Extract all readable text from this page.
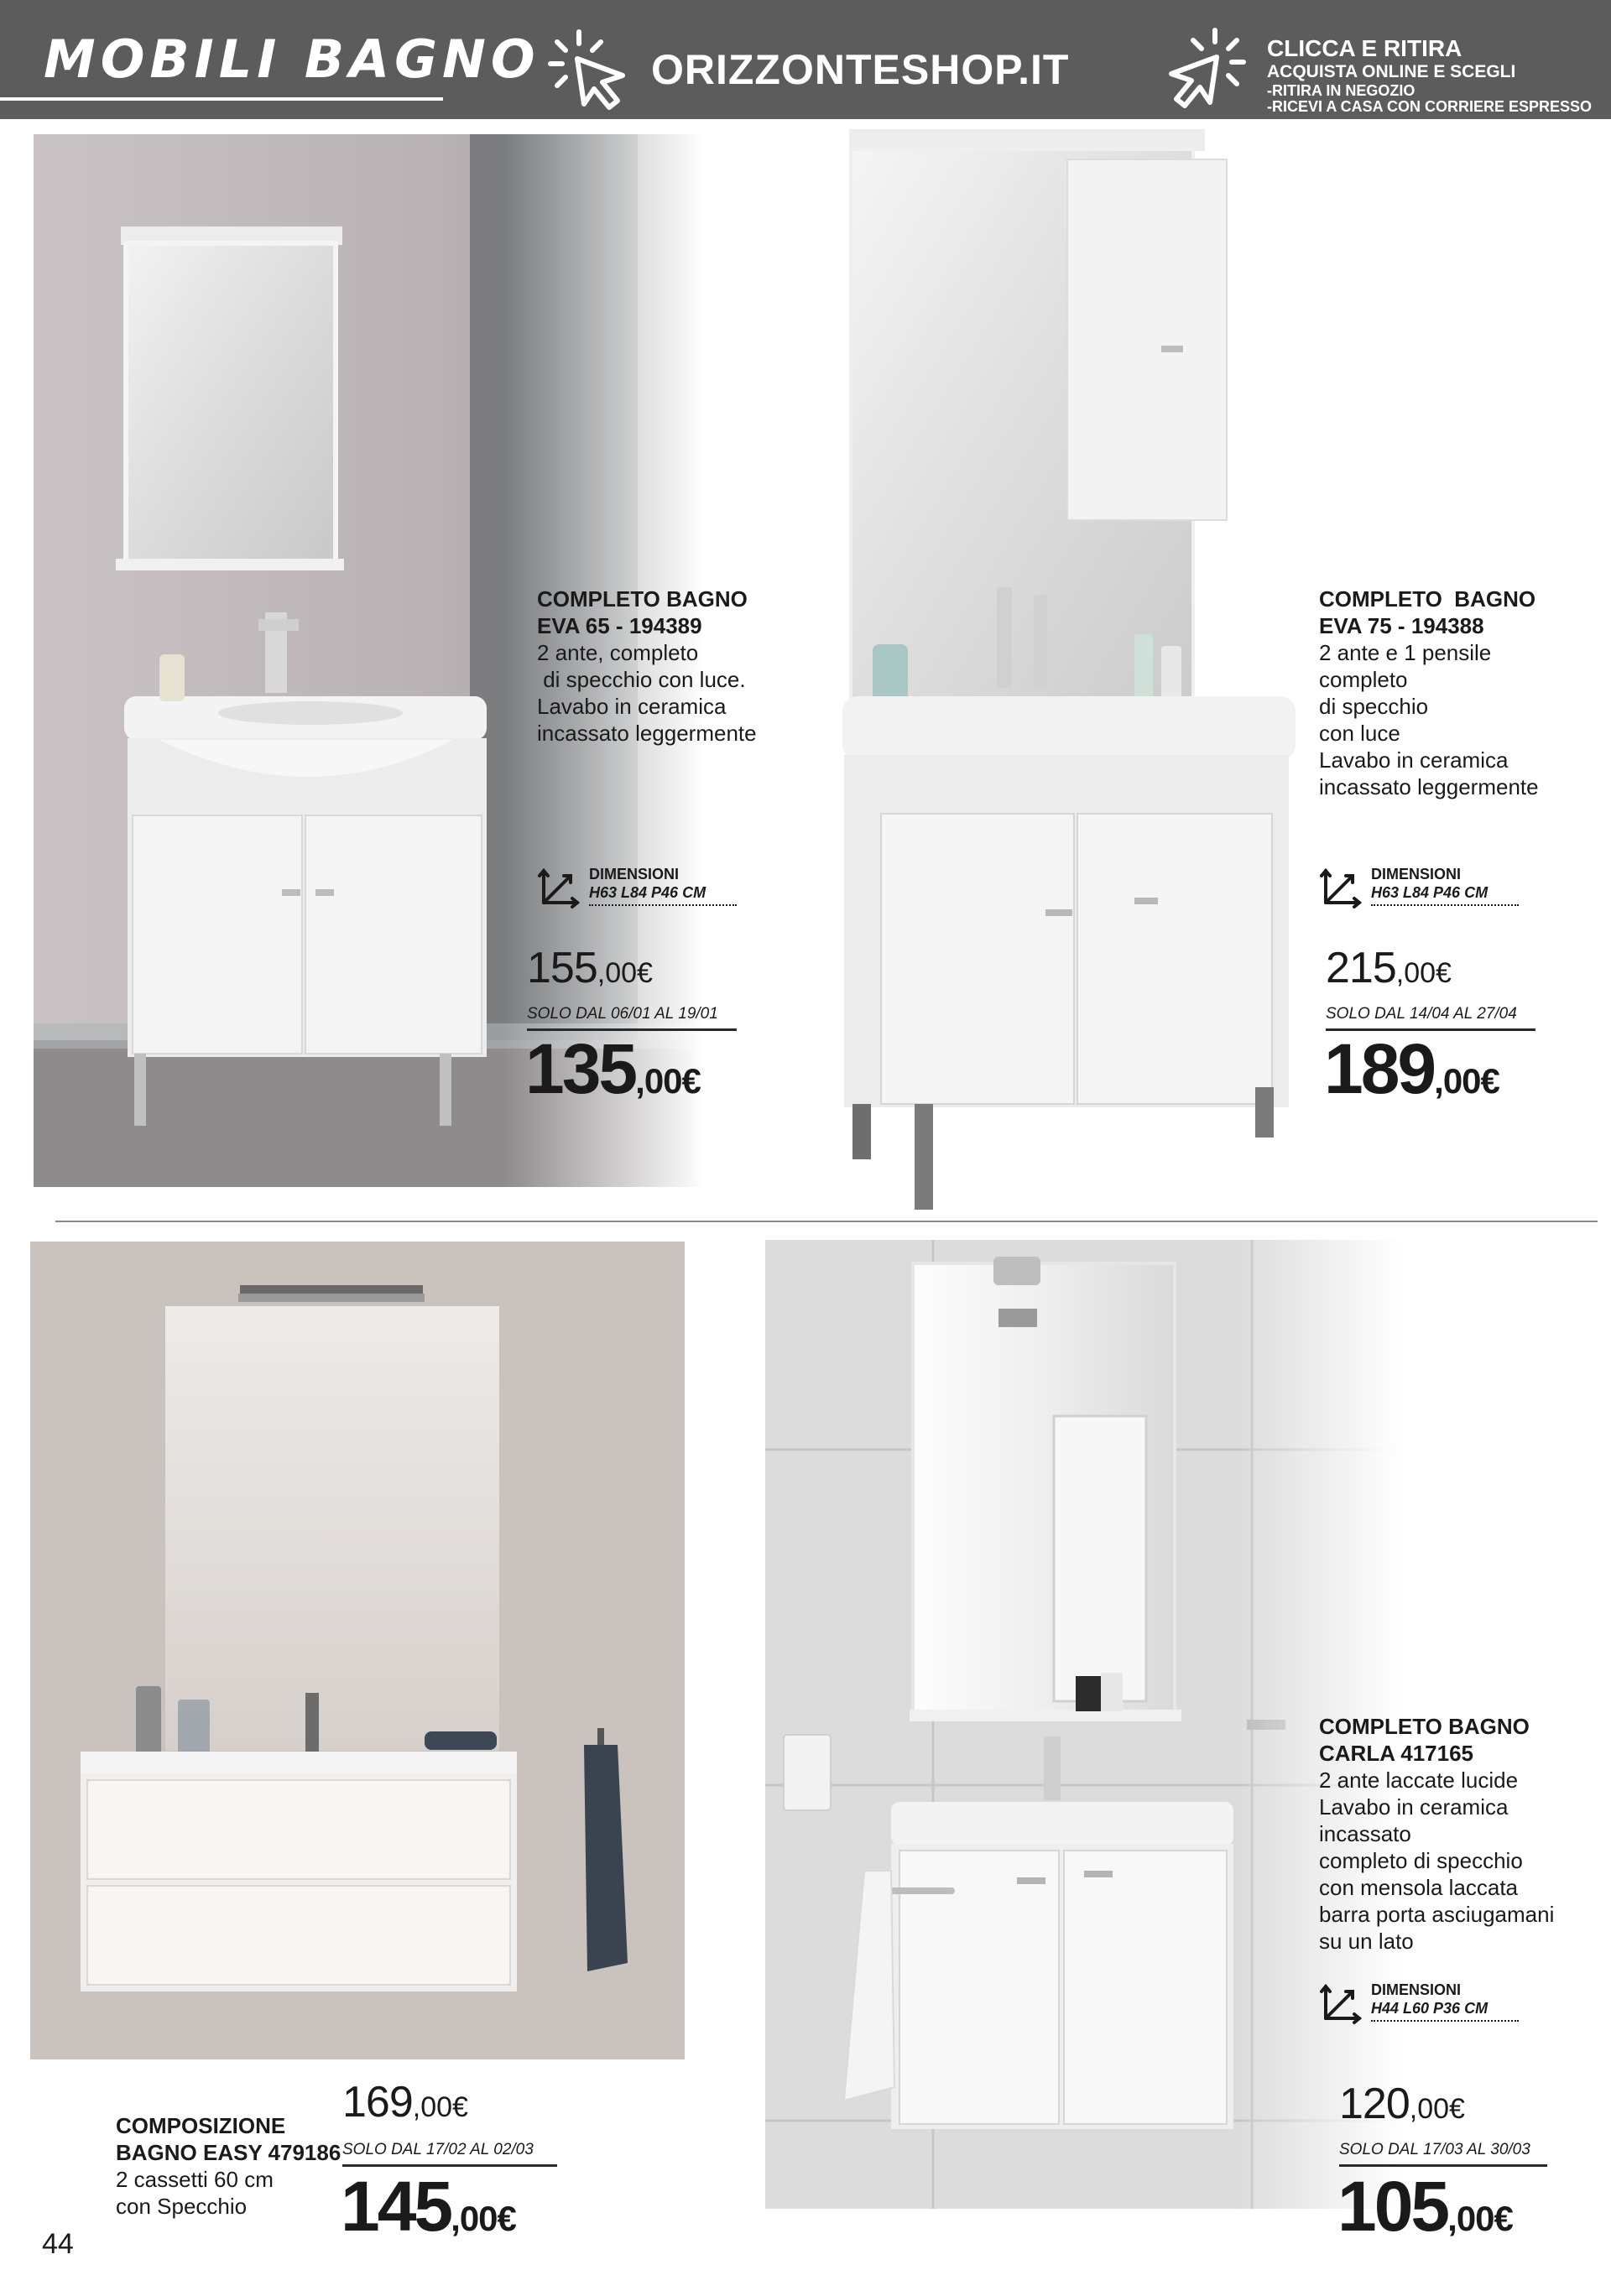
MOBILI BAGNO	ORIZZONTESHOP.IT	CLICCA E RITIRA
ACQUISTA ONLINE E SCEGLI
-RITIRA IN NEGOZIO
-RICEVI A CASA CON CORRIERE ESPRESSO
COMPLETO BAGNO
EVA 65 - 194389
2 ante, completo
di specchio con luce.
Lavabo in ceramica
incassato leggermente
DIMENSIONI
H63 L84 P46 CM
155,00€
SOLO DAL 06/01 AL 19/01
135,00€
COMPLETO  BAGNO
EVA 75 - 194388
2 ante e 1 pensile
completo
di specchio
con luce
Lavabo in ceramica
incassato leggermente
DIMENSIONI
H63 L84 P46 CM
215,00€
SOLO DAL 14/04 AL 27/04
189,00€
COMPOSIZIONE
BAGNO EASY 479186
2 cassetti 60 cm
con Specchio
169,00€
SOLO DAL 17/02 AL 02/03
145,00€
COMPLETO BAGNO
CARLA 417165
2 ante laccate lucide
Lavabo in ceramica
incassato
completo di specchio
con mensola laccata
barra porta asciugamani
su un lato
DIMENSIONI
H44 L60 P36 CM
120,00€
SOLO DAL 17/03 AL 30/03
105,00€
44
